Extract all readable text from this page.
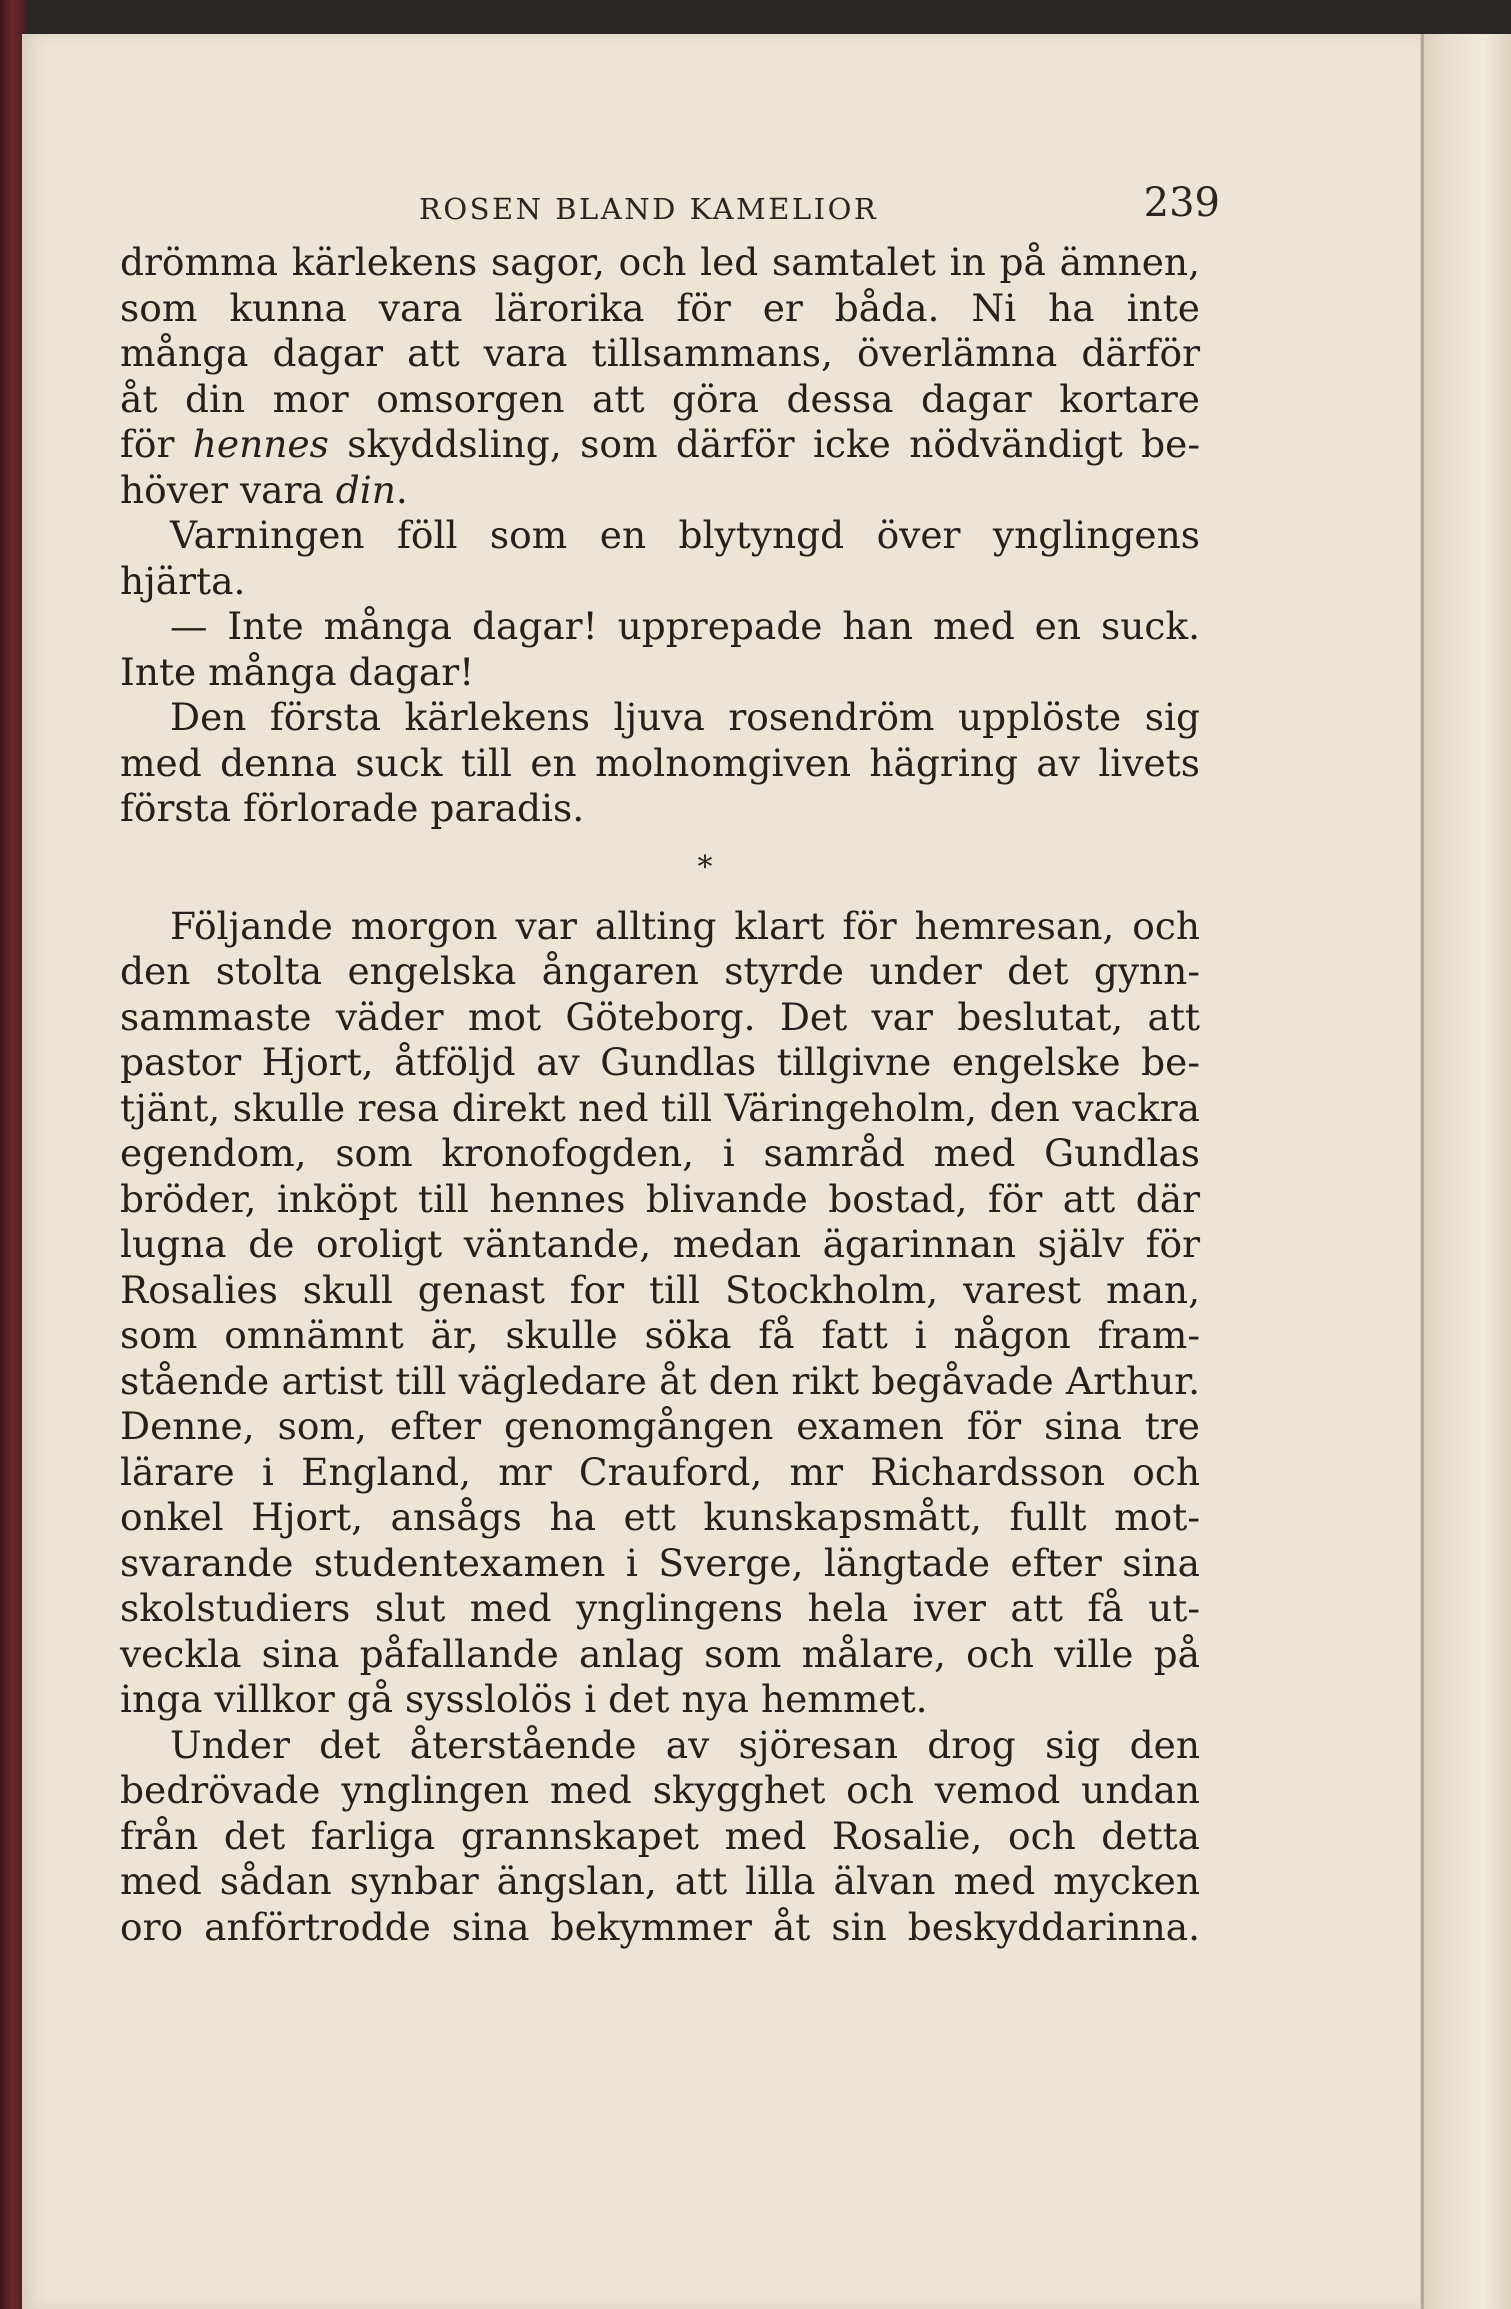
ROSEN BLAND KAMELIOR	239

drömma kärlekens sagor, och led samtalet in på ämnen,
som kunna vara lärorika för er båda. Ni ha inte
många dagar att vara tillsammans, överlämna därför
åt din mor omsorgen att göra dessa dagar kortare
för hennes skyddsling, som därför icke nödvändigt be-
höver vara din.

Varningen föll som en blytyngd över ynglingens
hjärta.

— Inte många dagar! upprepade han med en suck.
Inte många dagar!

Den första kärlekens ljuva rosendröm upplöste sig
med denna suck till en molnomgiven hägring av livets
första förlorade paradis.

*

Följande morgon var allting klart för hemresan, och
den stolta engelska ångaren styrde under det gynn-
sammaste väder mot Göteborg. Det var beslutat, att
pastor Hjort, åtföljd av Gundlas tillgivne engelske be-
tjänt, skulle resa direkt ned till Väringeholm, den vackra
egendom, som kronofogden, i samråd med Gundlas
bröder, inköpt till hennes blivande bostad, för att där
lugna de oroligt väntande, medan ägarinnan själv för
Rosalies skull genast for till Stockholm, varest man,
som omnämnt är, skulle söka få fatt i någon fram-
stående artist till vägledare åt den rikt begåvade Arthur.
Denne, som, efter genomgången examen för sina tre
lärare i England, mr Crauford, mr Richardsson och
onkel Hjort, ansågs ha ett kunskapsmått, fullt mot-
svarande studentexamen i Sverge, längtade efter sina
skolstudiers slut med ynglingens hela iver att få ut-
veckla sina påfallande anlag som målare, och ville på
inga villkor gå sysslolös i det nya hemmet.

Under det återstående av sjöresan drog sig den
bedrövade ynglingen med skygghet och vemod undan
från det farliga grannskapet med Rosalie, och detta
med sådan synbar ängslan, att lilla älvan med mycken
oro anförtrodde sina bekymmer åt sin beskyddarinna.
